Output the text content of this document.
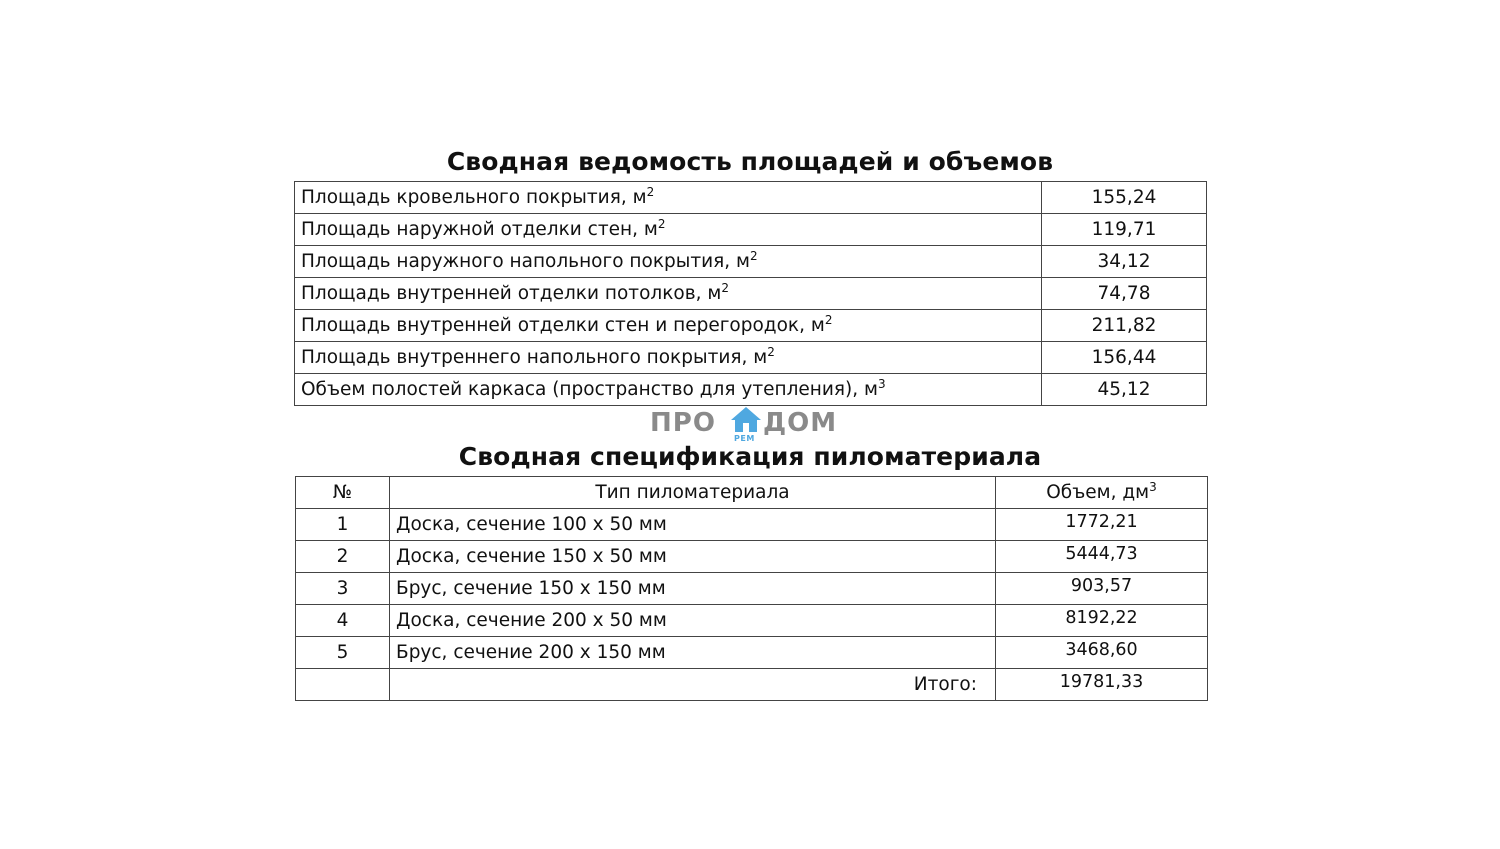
Сводная ведомость площадей и объемов
Площадь кровельного покрытия, $м^2$	155,24
Площадь наружной отделки стен, $м^2$	119,71
Площадь наружного напольного покрытия, $м^2$	34,12
Площадь внутренней отделки потолков, $м^2$	74,78
Площадь внутренней отделки стен и перегородок, $м^2$	211,82
Площадь внутреннего напольного покрытия, $м^2$	156,44
Объем полостей каркаса (пространство для утепления), $м^3$	45,12
ПРО ДОМ
РЕМ
Сводная спецификация пиломатериала
№	Тип пиломатериала	Объем, $дм^3$
1	Доска, сечение 100 х 50 мм	1772,21
2	Доска, сечение 150 х 50 мм	5444,73
3	Брус, сечение 150 х 150 мм	903,57
4	Доска, сечение 200 х 50 мм	8192,22
5	Брус, сечение 200 х 150 мм	3468,60
	Итого:	19781,33
